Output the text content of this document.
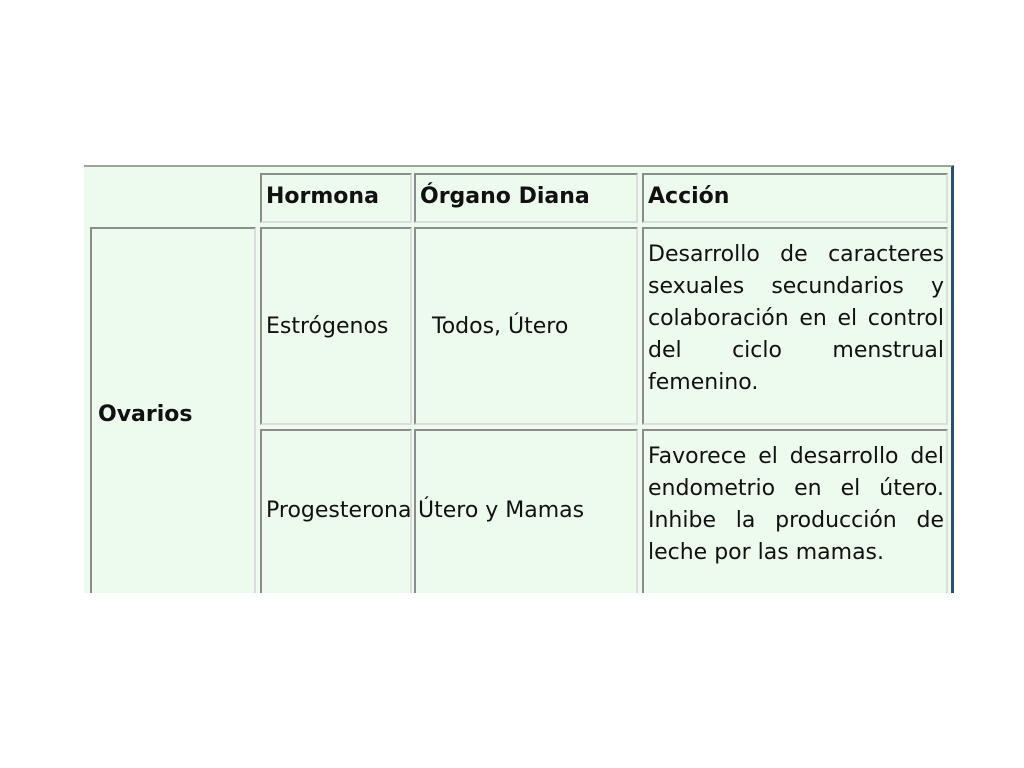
Hormona	Órgano Diana	Acción
Ovarios
Estrógenos Todos, Útero
Desarrollo de caracteres sexuales secundarios y colaboración en el control del ciclo menstrual femenino.
Progesterona Útero y Mamas
Favorece el desarrollo del endometrio en el útero. Inhibe la producción de leche por las mamas.
